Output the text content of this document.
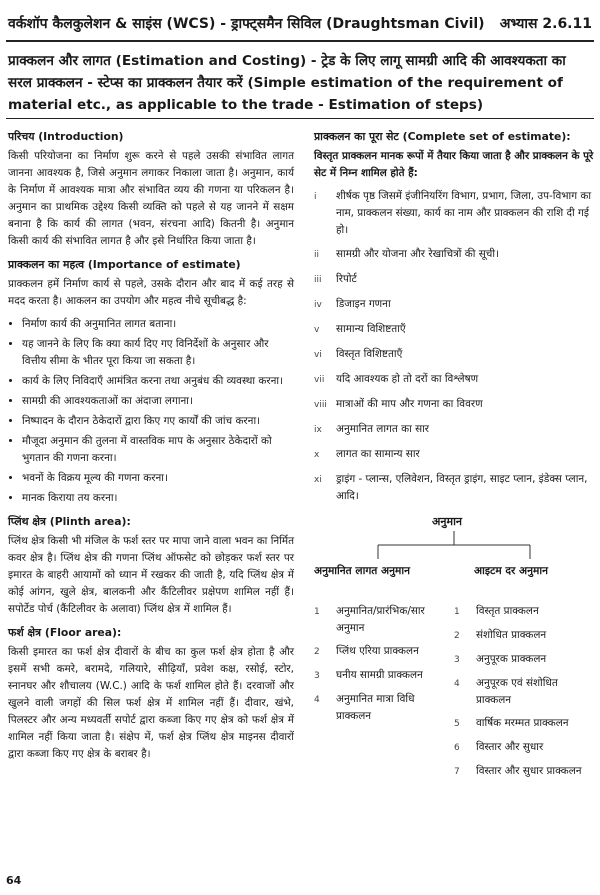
वर्कशॉप कैलकुलेशन & साइंस (WCS) - ड्राफ्ट्समैन सिविल (Draughtsman Civil) अभ्यास 2.6.11
प्राक्कलन और लागत (Estimation and Costing) - ट्रेड के लिए लागू सामग्री आदि की आवश्यकता का सरल प्राक्कलन - स्टेप्स का प्राक्कलन तैयार करें (Simple estimation of the requirement of material etc., as applicable to the trade - Estimation of steps)
परिचय (Introduction)

किसी परियोजना का निर्माण शुरू करने से पहले उसकी संभावित लागत जानना आवश्यक है, जिसे अनुमान लगाकर निकाला जाता है। अनुमान, कार्य के निर्माण में आवश्यक मात्रा और संभावित व्यय की गणना या परिकलन है। अनुमान का प्राथमिक उद्देश्य किसी व्यक्ति को पहले से यह जानने में सक्षम बनाना है कि कार्य की लागत (भवन, संरचना आदि) कितनी है। अनुमान किसी कार्य की संभावित लागत है और इसे निर्धारित किया जाता है।

प्राक्कलन का महत्व (Importance of estimate)

प्राक्कलन हमें निर्माण कार्य से पहले, उसके दौरान और बाद में कई तरह से मदद करता है। आकलन का उपयोग और महत्व नीचे सूचीबद्ध है:

• निर्माण कार्य की अनुमानित लागत बताना।
• यह जानने के लिए कि क्या कार्य दिए गए विनिर्देशों के अनुसार और वित्तीय सीमा के भीतर पूरा किया जा सकता है।
• कार्य के लिए निविदाएँ आमंत्रित करना तथा अनुबंध की व्यवस्था करना।
• सामग्री की आवश्यकताओं का अंदाजा लगाना।
• निष्पादन के दौरान ठेकेदारों द्वारा किए गए कार्यों की जांच करना।
• मौजूदा अनुमान की तुलना में वास्तविक माप के अनुसार ठेकेदारों को भुगतान की गणना करना।
• भवनों के विक्रय मूल्य की गणना करना।
• मानक किराया तय करना।
प्लिंथ क्षेत्र (Plinth area):

प्लिंथ क्षेत्र किसी भी मंजिल के फर्श स्तर पर मापा जाने वाला भवन का निर्मित कवर क्षेत्र है। प्लिंथ क्षेत्र की गणना प्लिंथ ऑफसेट को छोड़कर फर्श स्तर पर इमारत के बाहरी आयामों को ध्यान में रखकर की जाती है, यदि प्लिंथ क्षेत्र में कोई आंगन, खुले क्षेत्र, बालकनी और कैंटिलीवर प्रक्षेपण शामिल नहीं हैं। सपोर्टेड पोर्च (कैंटिलीवर के अलावा) प्लिंथ क्षेत्र में शामिल हैं।

फर्श क्षेत्र (Floor area):

किसी इमारत का फर्श क्षेत्र दीवारों के बीच का कुल फर्श क्षेत्र होता है और इसमें सभी कमरे, बरामदे, गलियारे, सीढ़ियाँ, प्रवेश कक्ष, रसोई, स्टोर, स्नानघर और शौचालय (W.C.) आदि के फर्श शामिल होते हैं। दरवाजों और खुलने वाली जगहों की सिल फर्श क्षेत्र में शामिल नहीं हैं। दीवार, खंभे, पिलस्टर और अन्य मध्यवर्ती सपोर्ट द्वारा कब्जा किए गए क्षेत्र को फर्श क्षेत्र में शामिल नहीं किया जाता है। संक्षेप में, फर्श क्षेत्र प्लिंथ क्षेत्र माइनस दीवारों द्वारा कब्जा किए गए क्षेत्र के बराबर है।

प्राक्कलन का पूरा सेट (Complete set of estimate):
विस्तृत प्राक्कलन मानक रूपों में तैयार किया जाता है और प्राक्कलन के पूरे सेट में निम्न शामिल होते हैं:
i	शीर्षक पृष्ठ जिसमें इंजीनियरिंग विभाग, प्रभाग, जिला, उप-विभाग का नाम, प्राक्कलन संख्या, कार्य का नाम और प्राक्कलन की राशि दी गई हो।
ii	सामग्री और योजना और रेखाचित्रों की सूची।
iii	रिपोर्ट
iv	डिजाइन गणना
v	सामान्य विशिष्टताएँ
vi	विस्तृत विशिष्टताएँ
vii	यदि आवश्यक हो तो दरों का विश्लेषण
viii मात्राओं की माप और गणना का विवरण
ix	अनुमानित लागत का सार
x	लागत का सामान्य सार
xi	ड्राइंग - प्लान्स, एलिवेशन, विस्तृत ड्राइंग, साइट प्लान, इंडेक्स प्लान, आदि।
अनुमान
अनुमानित लागत अनुमान	आइटम दर अनुमान
1	अनुमानित/प्रारंभिक/सार अनुमान
2	प्लिंथ एरिया प्राक्कलन
3	घनीय सामग्री प्राक्कलन
4	अनुमानित मात्रा विधि प्राक्कलन
1	विस्तृत प्राक्कलन
2	संशोधित प्राक्कलन
3	अनुपूरक प्राक्कलन
4	अनुपूरक एवं संशोधित प्राक्कलन
5	वार्षिक मरम्मत प्राक्कलन
6	विस्तार और सुधार
7	विस्तार और सुधार प्राक्कलन
64
